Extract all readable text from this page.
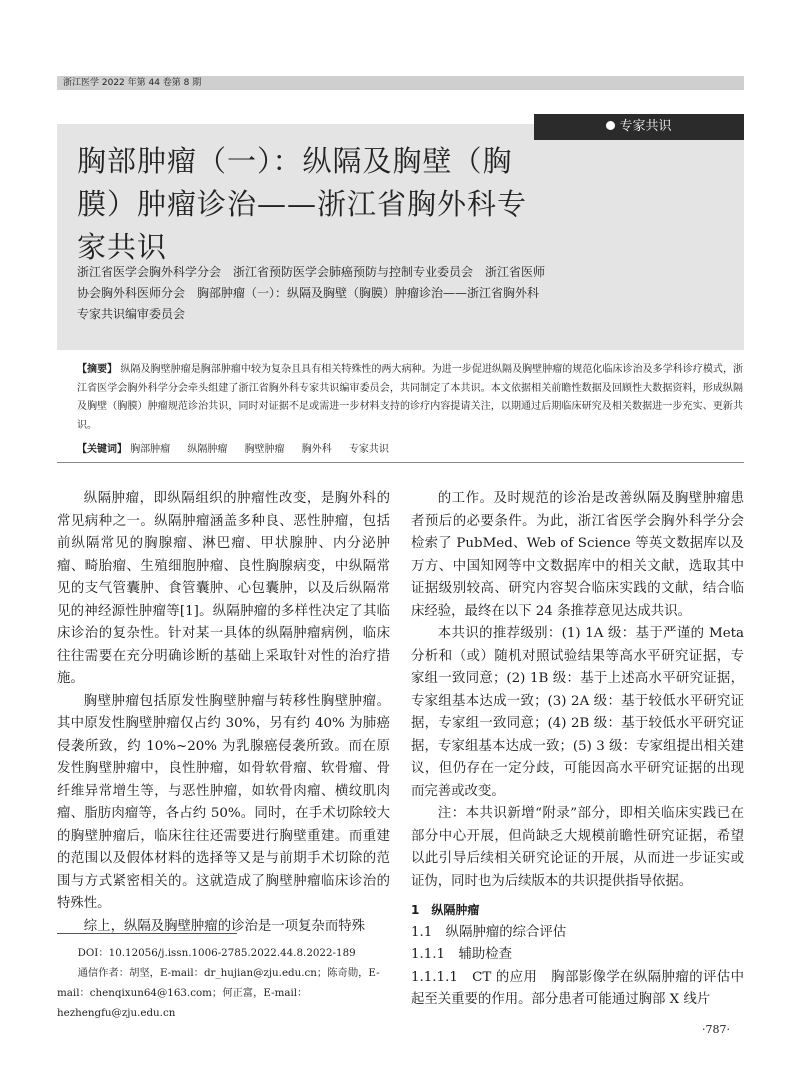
浙江医学 2022 年第 44 卷第 8 期
专家共识
胸部肿瘤（一）：纵隔及胸壁（胸膜）肿瘤诊治——浙江省胸外科专家共识
浙江省医学会胸外科学分会　浙江省预防医学会肺癌预防与控制专业委员会　浙江省医师协会胸外科医师分会　胸部肿瘤（一）：纵隔及胸壁（胸膜）肿瘤诊治——浙江省胸外科专家共识编审委员会
【摘要】 纵隔及胸壁肿瘤是胸部肿瘤中较为复杂且具有相关特殊性的两大病种。为进一步促进纵隔及胸壁肿瘤的规范化临床诊治及多学科诊疗模式，浙江省医学会胸外科学分会牵头组建了浙江省胸外科专家共识编审委员会，共同制定了本共识。本文依据相关前瞻性数据及回顾性大数据资料，形成纵隔及胸壁（胸膜）肿瘤规范诊治共识，同时对证据不足或需进一步材料支持的诊疗内容提请关注，以期通过后期临床研究及相关数据进一步充实、更新共识。
【关键词】 胸部肿瘤 纵隔肿瘤 胸壁肿瘤 胸外科 专家共识

纵隔肿瘤，即纵隔组织的肿瘤性改变，是胸外科的常见病种之一。纵隔肿瘤涵盖多种良、恶性肿瘤，包括前纵隔常见的胸腺瘤、淋巴瘤、甲状腺肿、内分泌肿瘤、畸胎瘤、生殖细胞肿瘤、良性胸腺病变，中纵隔常见的支气管囊肿、食管囊肿、心包囊肿，以及后纵隔常见的神经源性肿瘤等[1]。纵隔肿瘤的多样性决定了其临床诊治的复杂性。针对某一具体的纵隔肿瘤病例，临床往往需要在充分明确诊断的基础上采取针对性的治疗措施。

胸壁肿瘤包括原发性胸壁肿瘤与转移性胸壁肿瘤。其中原发性胸壁肿瘤仅占约 30%，另有约 40% 为肺癌侵袭所致，约 10%~20% 为乳腺癌侵袭所致。而在原发性胸壁肿瘤中，良性肿瘤，如骨软骨瘤、软骨瘤、骨纤维异常增生等，与恶性肿瘤，如软骨肉瘤、横纹肌肉瘤、脂肪肉瘤等，各占约 50%。同时，在手术切除较大的胸壁肿瘤后，临床往往还需要进行胸壁重建。而重建的范围以及假体材料的选择等又是与前期手术切除的范围与方式紧密相关的。这就造成了胸壁肿瘤临床诊治的特殊性。

综上，纵隔及胸壁肿瘤的诊治是一项复杂而特殊

的工作。及时规范的诊治是改善纵隔及胸壁肿瘤患者预后的必要条件。为此，浙江省医学会胸外科学分会检索了 PubMed、Web of Science 等英文数据库以及万方、中国知网等中文数据库中的相关文献，选取其中证据级别较高、研究内容契合临床实践的文献，结合临床经验，最终在以下 24 条推荐意见达成共识。

本共识的推荐级别：(1) 1A 级：基于严谨的 Meta 分析和（或）随机对照试验结果等高水平研究证据，专家组一致同意；(2) 1B 级：基于上述高水平研究证据，专家组基本达成一致；(3) 2A 级：基于较低水平研究证据，专家组一致同意；(4) 2B 级：基于较低水平研究证据，专家组基本达成一致；(5) 3 级：专家组提出相关建议，但仍存在一定分歧，可能因高水平研究证据的出现而完善或改变。

注：本共识新增“附录”部分，即相关临床实践已在部分中心开展，但尚缺乏大规模前瞻性研究证据，希望以此引导后续相关研究论证的开展，从而进一步证实或证伪，同时也为后续版本的共识提供指导依据。

1　纵隔肿瘤

1.1　纵隔肿瘤的综合评估

1.1.1　辅助检查

1.1.1.1　CT 的应用　胸部影像学在纵隔肿瘤的评估中起至关重要的作用。部分患者可能通过胸部 X 线片

DOI：10.12056/j.issn.1006-2785.2022.44.8.2022-189
通信作者：胡坚，E-mail：dr_hujian@zju.edu.cn；陈奇勋，E-mail：chenqixun64@163.com；何正富，E-mail：hezhengfu@zju.edu.cn
·787·
